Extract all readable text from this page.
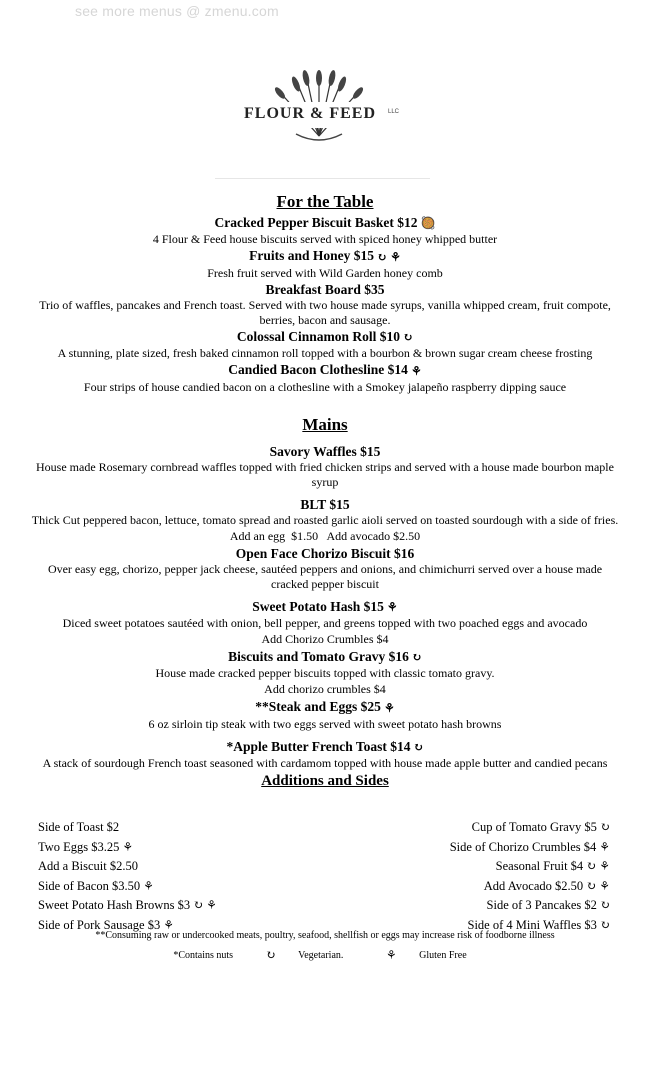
see more menus @ zmenu.com
FLOUR & FEED	LLC
For the Table

Cracked Pepper Biscuit Basket $12 🥘

4 Flour & Feed house biscuits served with spiced honey whipped butter

Fruits and Honey $15 ↻ ⚘

Fresh fruit served with Wild Garden honey comb

Breakfast Board $35

Trio of waffles, pancakes and French toast. Served with two house made syrups, vanilla whipped cream, fruit compote, berries, bacon and sausage.

Colossal Cinnamon Roll $10 ↻

A stunning, plate sized, fresh baked cinnamon roll topped with a bourbon & brown sugar cream cheese frosting

Candied Bacon Clothesline $14 ⚘

Four strips of house candied bacon on a clothesline with a Smokey jalapeño raspberry dipping sauce

Mains

Savory Waffles $15

House made Rosemary cornbread waffles topped with fried chicken strips and served with a house made bourbon maple syrup

BLT $15

Thick Cut peppered bacon, lettuce, tomato spread and roasted garlic aioli served on toasted sourdough with a side of fries.

Add an egg  $1.50   Add avocado $2.50

Open Face Chorizo Biscuit $16

Over easy egg, chorizo, pepper jack cheese, sautéed peppers and onions, and chimichurri served over a house made cracked pepper biscuit

Sweet Potato Hash $15 ⚘

Diced sweet potatoes sautéed with onion, bell pepper, and greens topped with two poached eggs and avocado

Add Chorizo Crumbles $4

Biscuits and Tomato Gravy $16 ↻

House made cracked pepper biscuits topped with classic tomato gravy.

Add chorizo crumbles $4

**Steak and Eggs $25 ⚘

6 oz sirloin tip steak with two eggs served with sweet potato hash browns

*Apple Butter French Toast $14 ↻

A stack of sourdough French toast seasoned with cardamom topped with house made apple butter and candied pecans

Additions and Sides
Side of Toast $2
Two Eggs $3.25 ⚘
Add a Biscuit $2.50
Side of Bacon $3.50 ⚘
Sweet Potato Hash Browns $3 ↻ ⚘
Side of Pork Sausage $3 ⚘
Cup of Tomato Gravy $5 ↻
Side of Chorizo Crumbles $4 ⚘
Seasonal Fruit $4 ↻ ⚘
Add Avocado $2.50 ↻ ⚘
Side of 3 Pancakes $2 ↻
Side of 4 Mini Waffles $3 ↻
**Consuming raw or undercooked meats, poultry, seafood, shellfish or eggs may increase risk of foodborne illness
*Contains nuts	↻ Vegetarian.	⚘ Gluten Free
